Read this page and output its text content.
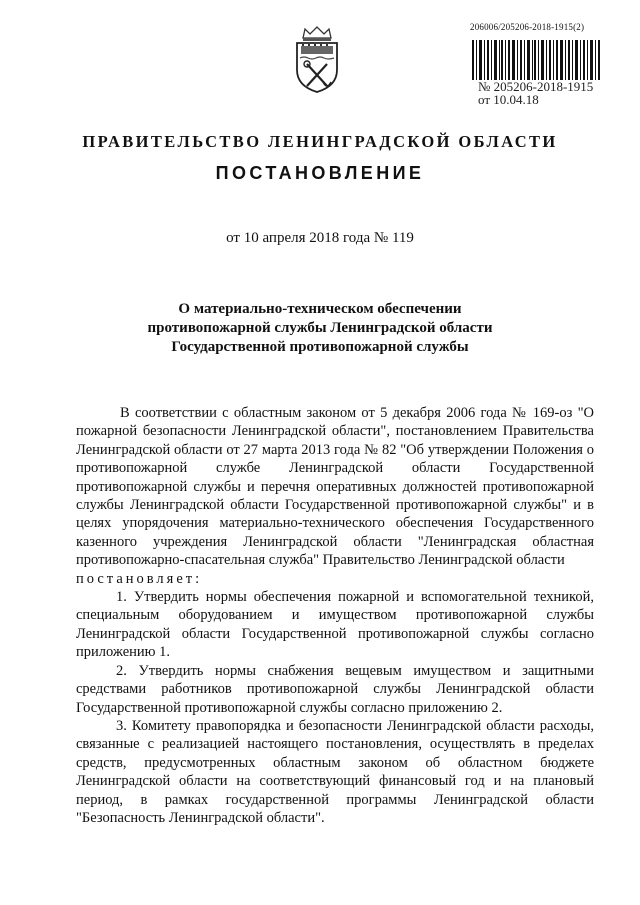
206006/205206-2018-1915(2)
№ 205206-2018-1915
от 10.04.18
ПРАВИТЕЛЬСТВО ЛЕНИНГРАДСКОЙ ОБЛАСТИ
ПОСТАНОВЛЕНИЕ
от 10 апреля 2018 года № 119
О материально-техническом обеспечении
противопожарной службы Ленинградской области
Государственной противопожарной службы

В соответствии с областным законом от 5 декабря 2006 года № 169-оз "О пожарной безопасности Ленинградской области", постановлением Правительства Ленинградской области от 27 марта 2013 года № 82 "Об утверждении Положения о противопожарной службе Ленинградской области Государственной противопожарной службы и перечня оперативных должностей противопожарной службы Ленинградской области Государственной противопожарной службы" и в целях упорядочения материально-технического обеспечения Государственного казенного учреждения Ленинградской области "Ленинградская областная противопожарно-спасательная служба" Правительство Ленинградской области

постановляет:

1. Утвердить нормы обеспечения пожарной и вспомогательной техникой, специальным оборудованием и имуществом противопожарной службы Ленинградской области Государственной противопожарной службы согласно приложению 1.

2. Утвердить нормы снабжения вещевым имуществом и защитными средствами работников противопожарной службы Ленинградской области Государственной противопожарной службы согласно приложению 2.

3. Комитету правопорядка и безопасности Ленинградской области расходы, связанные с реализацией настоящего постановления, осуществлять в пределах средств, предусмотренных областным законом об областном бюджете Ленинградской области на соответствующий финансовый год и на плановый период, в рамках государственной программы Ленинградской области "Безопасность Ленинградской области".
